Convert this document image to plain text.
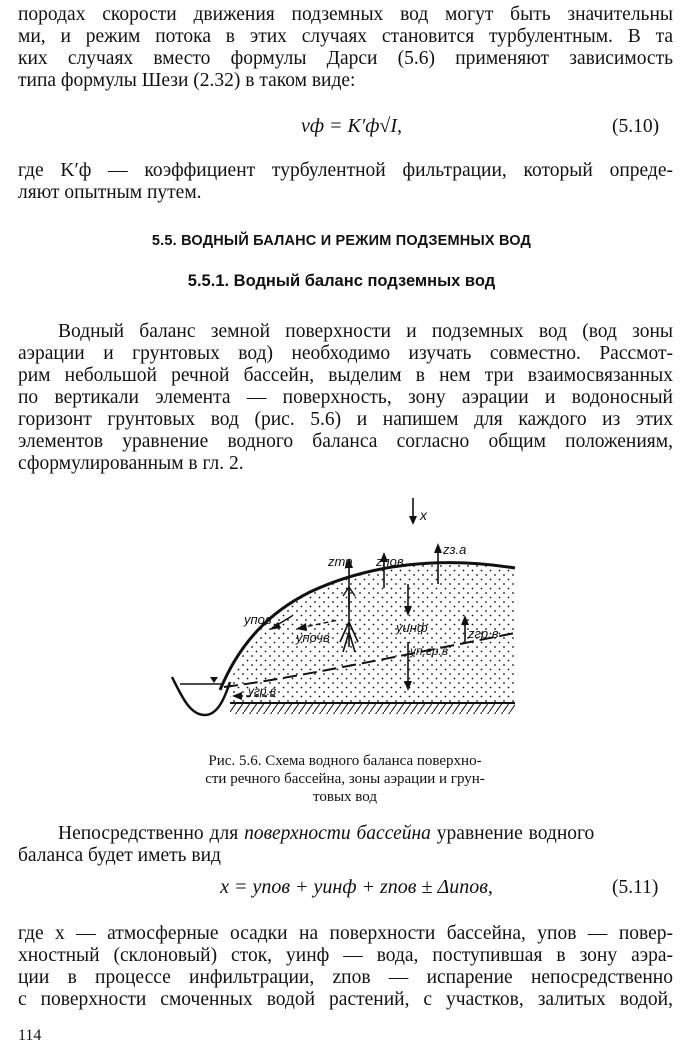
породах скорости движения подземных вод могут быть значительны
ми, и режим потока в этих случаях становится турбулентным. В та
ких случаях вместо формулы Дарси (5.6) применяют зависимость
типа формулы Шези (2.32) в таком виде:
vф = K′ф√I,	(5.10)
где K′ф — коэффициент турбулентной фильтрации, который опреде-
ляют опытным путем.
5.5. ВОДНЫЙ БАЛАНС И РЕЖИМ ПОДЗЕМНЫХ ВОД
5.5.1. Водный баланс подземных вод
Водный баланс земной поверхности и подземных вод (вод зоны
аэрации и грунтовых вод) необходимо изучать совместно. Рассмот-
рим небольшой речной бассейн, выделим в нем три взаимосвязанных
по вертикали элемента — поверхность, зону аэрации и водоносный
горизонт грунтовых вод (рис. 5.6) и напишем для каждого из этих
элементов уравнение водного баланса согласно общим положениям,
сформулированным в гл. 2.
x
zтр zпов
zз.а
yпов
yпочв
yинф
yп.гр.в
zгр.в
yгр.в
Рис. 5.6. Схема водного баланса поверхно-
сти речного бассейна, зоны аэрации и грун-
товых вод
Непосредственно для поверхности бассейна уравнение водного
баланса будет иметь вид
x = yпов + yинф + zпов ± Δuпов,	(5.11)
где x — атмосферные осадки на поверхности бассейна, yпов — повер-
хностный (склоновый) сток, yинф — вода, поступившая в зону аэра-
ции в процессе инфильтрации, zпов — испарение непосредственно
с поверхности смоченных водой растений, с участков, залитых водой,
114
